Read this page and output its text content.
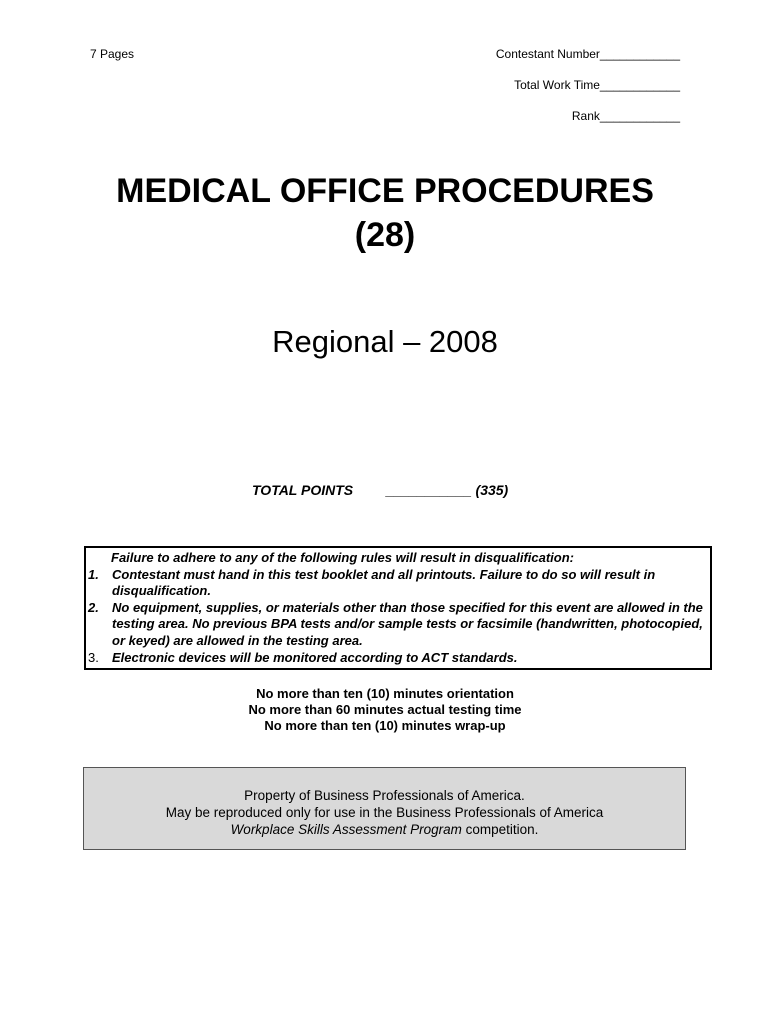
7 Pages	Contestant Number____________
Total Work Time____________
Rank____________
MEDICAL OFFICE PROCEDURES
(28)
Regional – 2008
TOTAL POINTS ___________ (335)
Failure to adhere to any of the following rules will result in disqualification:
1. Contestant must hand in this test booklet and all printouts. Failure to do so will result in disqualification.
2. No equipment, supplies, or materials other than those specified for this event are allowed in the testing area. No previous BPA tests and/or sample tests or facsimile (handwritten, photocopied, or keyed) are allowed in the testing area.
3. Electronic devices will be monitored according to ACT standards.
No more than ten (10) minutes orientation
No more than 60 minutes actual testing time
No more than ten (10) minutes wrap-up
Property of Business Professionals of America.
May be reproduced only for use in the Business Professionals of America
Workplace Skills Assessment Program competition.
